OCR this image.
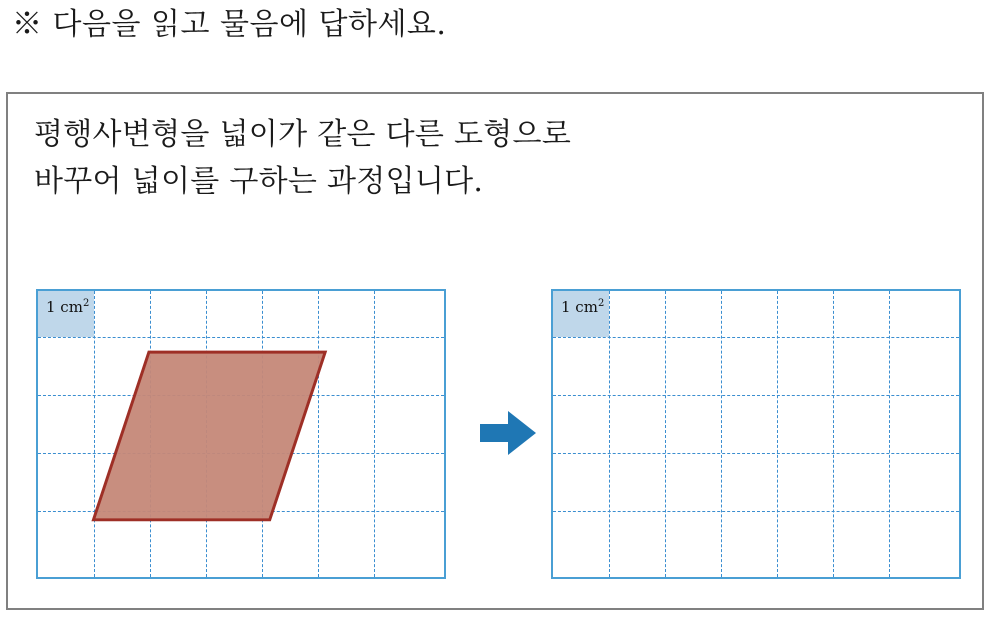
※ 다음을 읽고 물음에 답하세요.
평행사변형을 넓이가 같은 다른 도형으로
바꾸어 넓이를 구하는 과정입니다.
1 $cm^2$	1 $cm^2$
